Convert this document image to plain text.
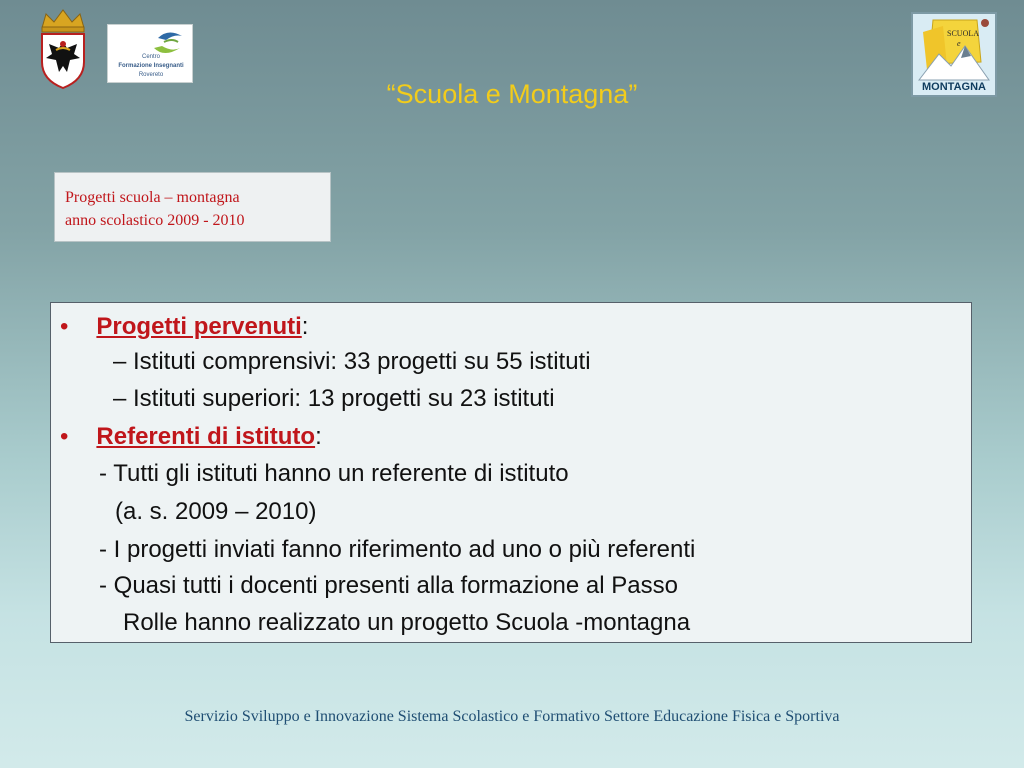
Centro
Formazione Insegnanti
Rovereto
SCUOLA
e
MONTAGNA
“Scuola e Montagna”
Progetti scuola – montagna
anno scolastico 2009 - 2010
• Progetti pervenuti:
– Istituti comprensivi: 33 progetti su 55 istituti
– Istituti superiori: 13 progetti su 23 istituti
• Referenti di istituto:
- Tutti gli istituti hanno un referente di istituto
(a. s. 2009 – 2010)
- I progetti inviati fanno riferimento ad uno o più referenti
- Quasi tutti i docenti presenti alla formazione al Passo
Rolle hanno realizzato un progetto Scuola -montagna
Servizio Sviluppo e Innovazione Sistema Scolastico e Formativo Settore Educazione Fisica e Sportiva
